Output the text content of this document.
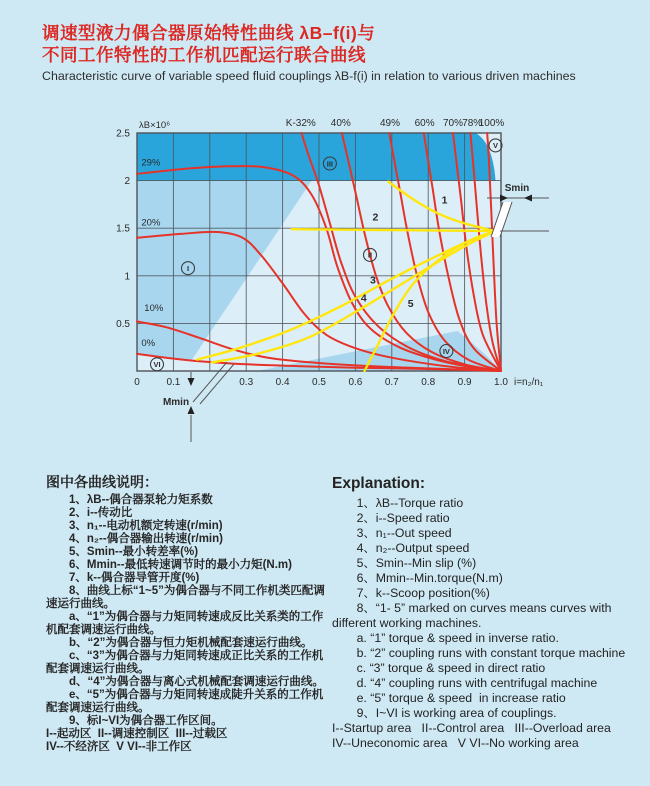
调速型液力偶合器原始特性曲线 λB–f(i)与
不同工作特性的工作机匹配运行联合曲线

Characteristic curve of variable speed fluid couplings λB-f(i) in relation to various driven machines

Smin
Mmin
2.5
2
1.5
1
0.5
0	0.1	0.3 0.4 0.5 0.6 0.7 0.8 0.9 1.0 i=n₂/n₁
λB×10⁶	K-32% 40%	49% 60% 70% 78%
100%
29%
20%
10%
0%
1
2
3
4	5
I
II
III
IV
V
VI
图中各曲线说明：

1、λB--偶合器泵轮力矩系数

2、i--传动比

3、n₁--电动机额定转速(r/min)

4、n₂--偶合器输出转速(r/min)

5、Smin--最小转差率(%)

6、Mmin--最低转速调节时的最小力矩(N.m)

7、k--偶合器导管开度(%)

8、曲线上标“1~5”为偶合器与不同工作机类匹配调速运行曲线。

a、“1”为偶合器与力矩同转速成反比关系类的工作机配套调速运行曲线。

b、“2”为偶合器与恒力矩机械配套速运行曲线。

c、“3”为偶合器与力矩同转速成正比关系的工作机配套调速运行曲线。

d、“4”为偶合器与离心式机械配套调速运行曲线。

e、“5”为偶合器与力矩同转速成陡升关系的工作机配套调速运行曲线。

9、标I~VI为偶合器工作区间。

I--起动区  II--调速控制区  III--过载区

IV--不经济区  V VI--非工作区

Explanation:

1、λB--Torque ratio

2、i--Speed ratio

3、n₁--Out speed

4、n₂--Output speed

5、Smin--Min slip (%)

6、Mmin--Min.torque(N.m)

7、k--Scoop position(%)

8、“1- 5” marked on curves means curves with different working machines.

a. “1” torque & speed in inverse ratio.

b. “2” coupling runs with constant torque machine

c. “3” torque & speed in direct ratio

d. “4” coupling runs with centrifugal machine

e. “5” torque & speed  in increase ratio

9、I~VI is working area of couplings.

I--Startup area   II--Control area   III--Overload area

IV--Uneconomic area   V VI--No working area
